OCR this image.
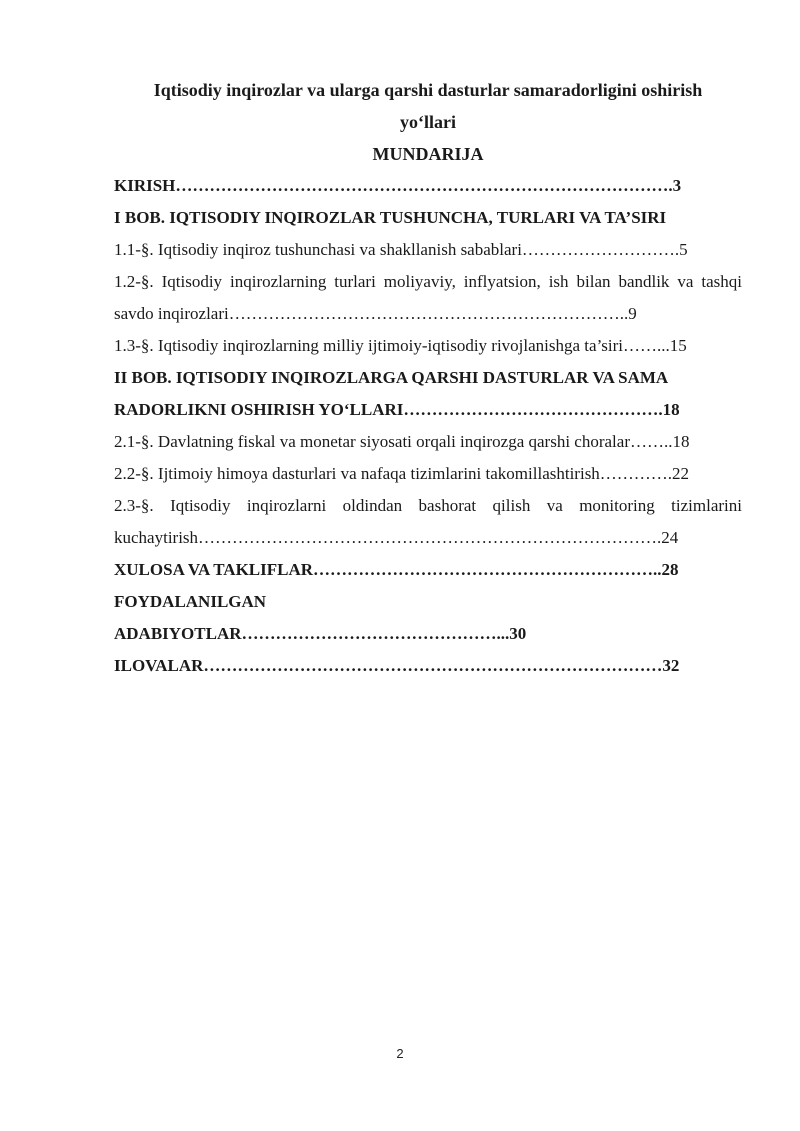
Iqtisodiy inqirozlar va ularga qarshi dasturlar samaradorligini oshirish

yo‘llari

MUNDARIJA

KIRISH…………………………………………………………………………….3

I BOB. IQTISODIY INQIROZLAR TUSHUNCHA, TURLARI VA TA’SIRI

1.1-§. Iqtisodiy inqiroz tushunchasi va shakllanish sabablari……………………….5

1.2-§. Iqtisodiy inqirozlarning turlari moliyaviy, inflyatsion, ish bilan bandlik va tashqi savdo inqirozlari……………………………………………………………..9

1.3-§. Iqtisodiy inqirozlarning milliy ijtimoiy-iqtisodiy rivojlanishga ta’siri……...15

II BOB. IQTISODIY INQIROZLARGA QARSHI DASTURLAR VA SAMA RADORLIKNI OSHIRISH YO‘LLARI……………………………………….18

2.1-§. Davlatning fiskal va monetar siyosati orqali inqirozga qarshi choralar……..18

2.2-§. Ijtimoiy himoya dasturlari va nafaqa tizimlarini takomillashtirish………….22

2.3-§. Iqtisodiy inqirozlarni oldindan bashorat qilish va monitoring tizimlarini kuchaytirish……………………………………………………………………….24

XULOSA VA TAKLIFLAR……………………………………………………..28

FOYDALANILGAN

ADABIYOTLAR………………………………………...30

ILOVALAR………………………………………………………………………32

2
